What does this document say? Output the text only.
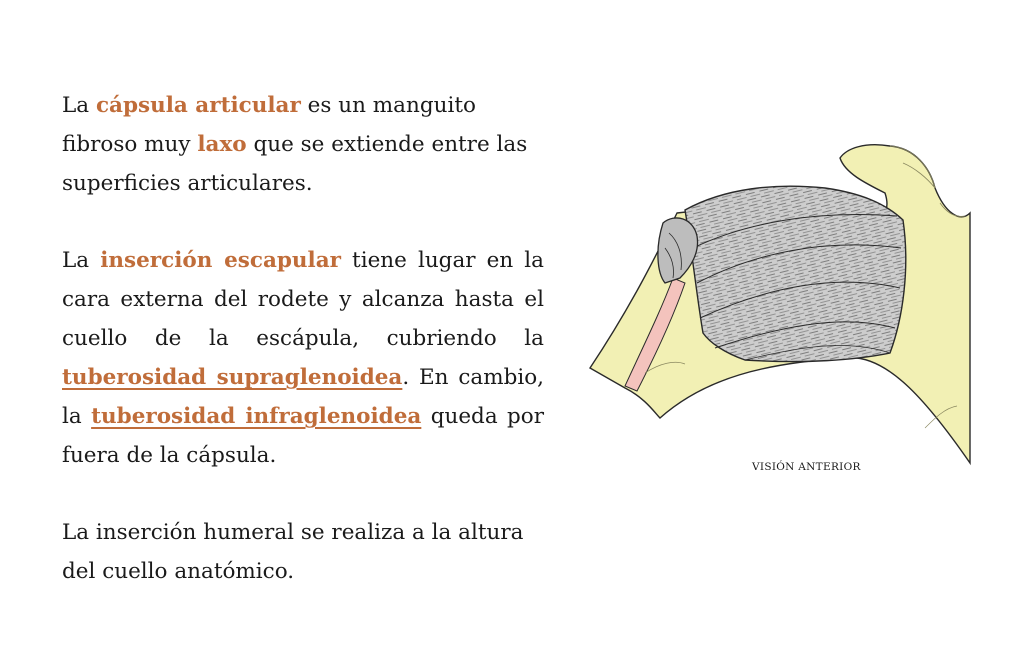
La cápsula articular es un manguito fibroso muy laxo que se extiende entre las superficies articulares.

La inserción escapular tiene lugar en la cara externa del rodete y alcanza hasta el cuello de la escápula, cubriendo la tuberosidad supraglenoidea. En cambio, la tuberosidad infraglenoidea queda por fuera de la cápsula.

La inserción humeral se realiza a la altura del cuello anatómico.

VISIÓN ANTERIOR
